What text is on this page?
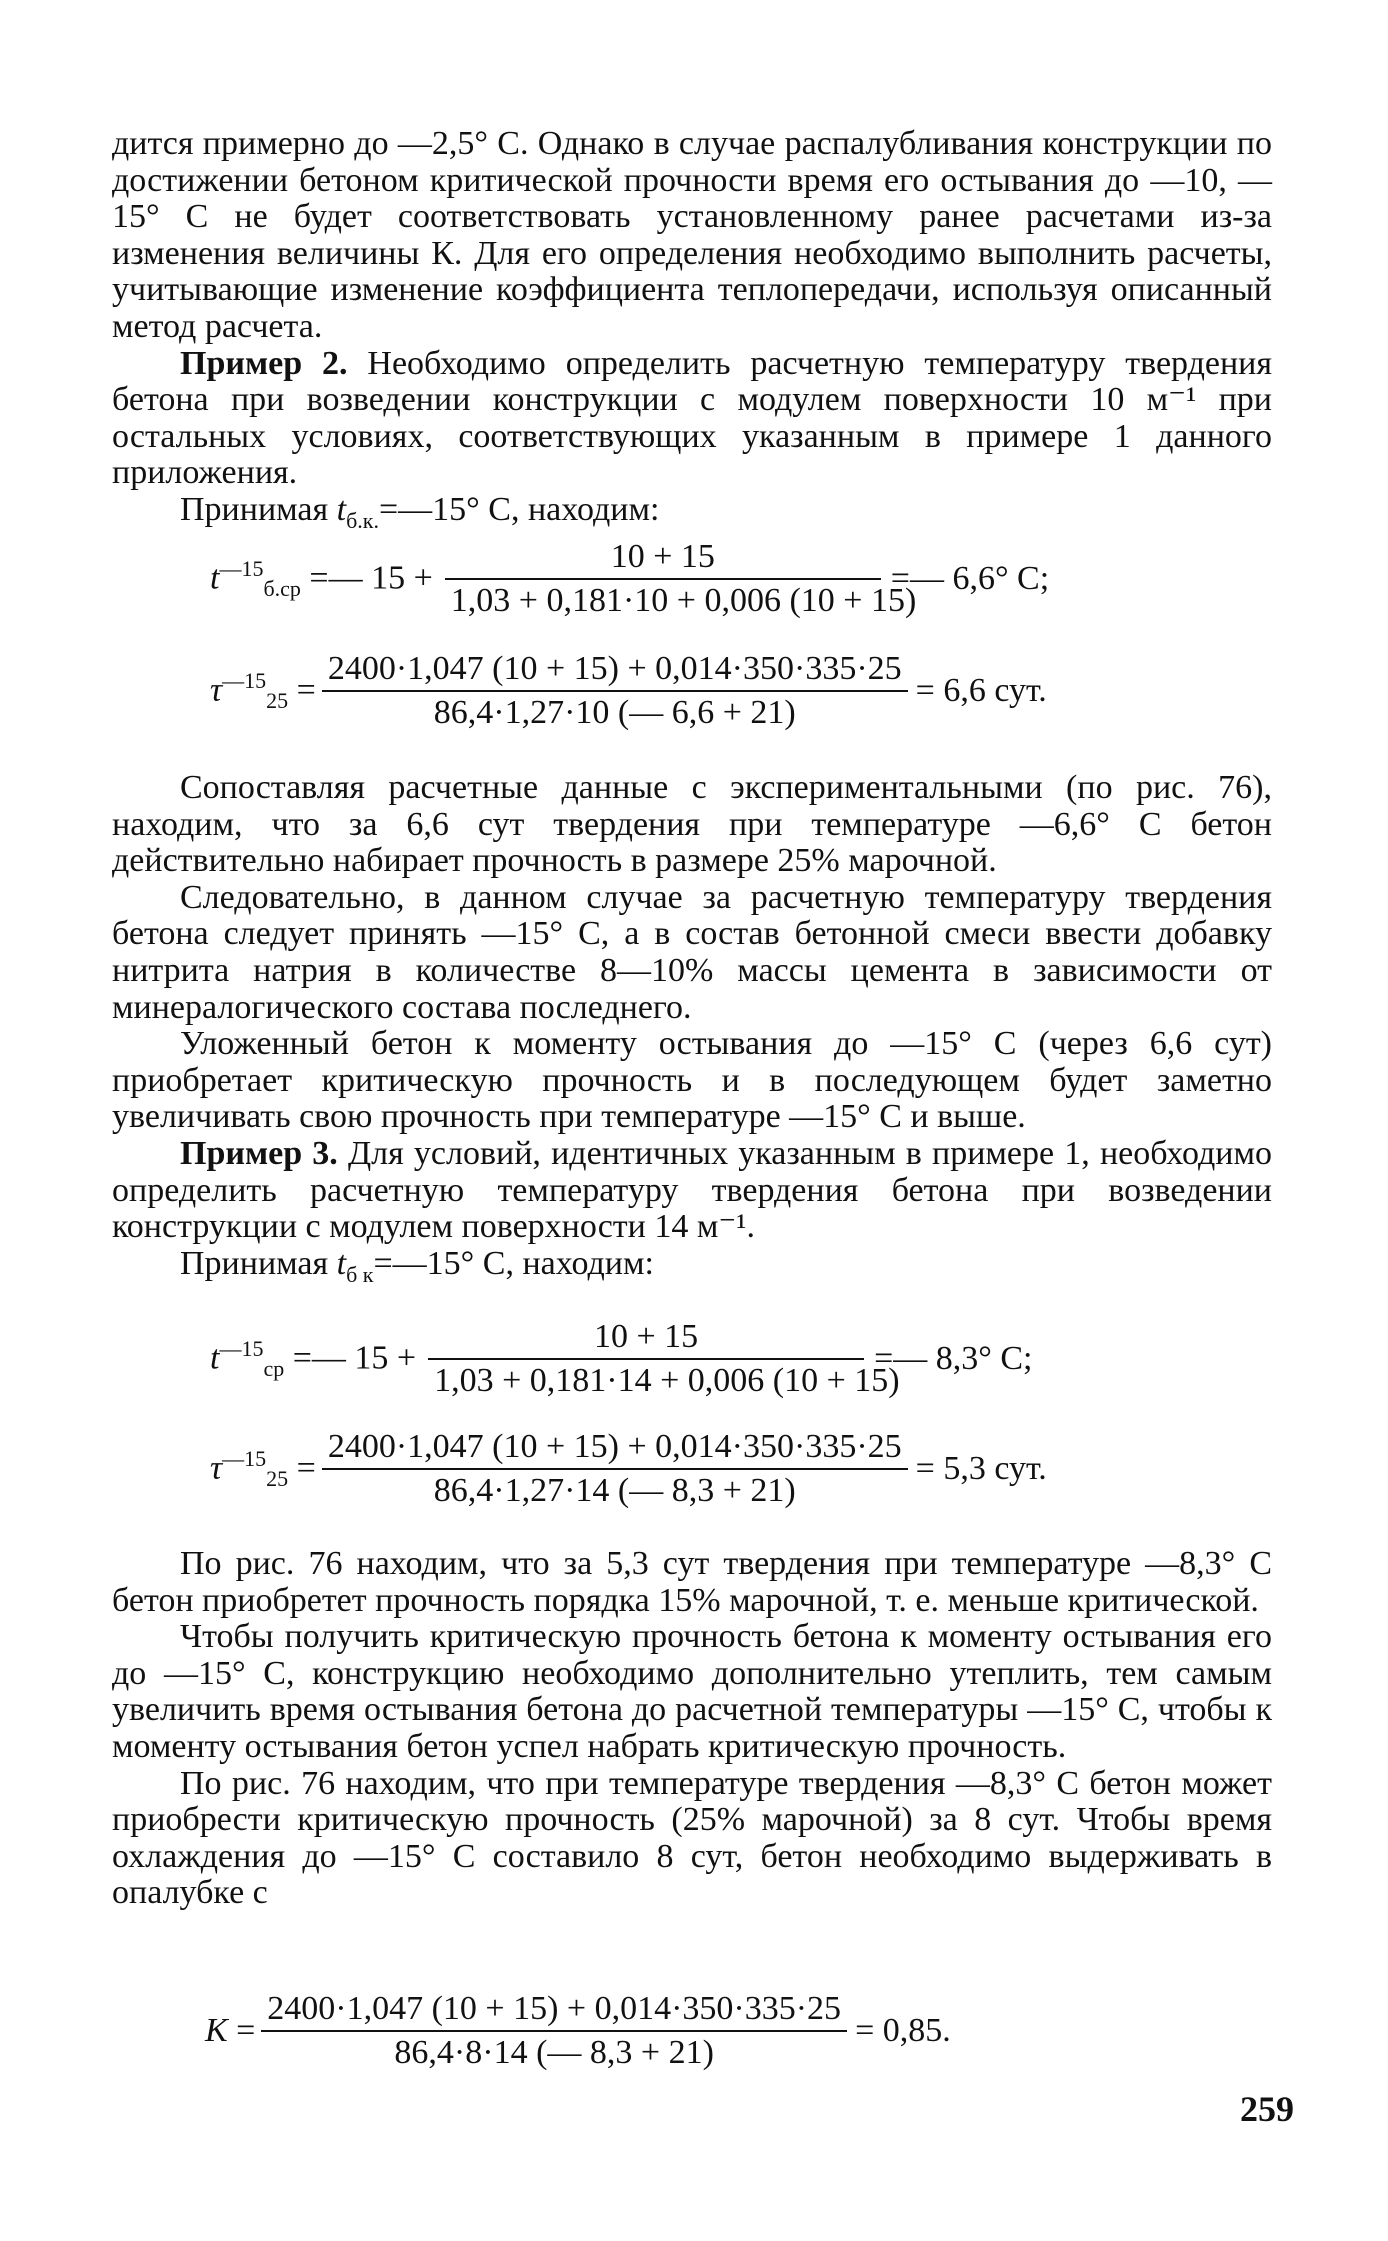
дится примерно до —2,5° С. Однако в случае распалубливания конструкции по достижении бетоном критической прочности время его остывания до —10, —15° С не будет соответствовать установленному ранее расчетами из-за изменения величины К. Для его определения необходимо выполнить расчеты, учитывающие изменение коэффициента теплопередачи, используя описанный метод расчета.

Пример 2. Необходимо определить расчетную температуру твердения бетона при возведении конструкции с модулем поверхности 10 м⁻¹ при остальных условиях, соответствующих указанным в примере 1 данного приложения.

Принимая $t_{б.к.}=—15^\circ$ С, находим:

$t^{—15}_{б.ср}$ =— $15 + \frac{10 + 15}{1,03 + 0,181\cdot 10 + 0,006 (10 + 15)}$ =— 6,6° С;
$\tau^{—15}_{25} = \frac{2400\cdot 1,047 (10 + 15) + 0,014\cdot 350\cdot 335\cdot 25}{86,4\cdot 1,27\cdot 10 (— 6,6 + 21)} = 6,6$ сут.

Сопоставляя расчетные данные с экспериментальными (по рис. 76), находим, что за 6,6 сут твердения при температуре —6,6° С бетон действительно набирает прочность в размере 25% марочной.

Следовательно, в данном случае за расчетную температуру твердения бетона следует принять —15° С, а в состав бетонной смеси ввести добавку нитрита натрия в количестве 8—10% массы цемента в зависимости от минералогического состава последнего.

Уложенный бетон к моменту остывания до —15° С (через 6,6 сут) приобретает критическую прочность и в последующем будет заметно увеличивать свою прочность при температуре —15° С и выше.

Пример 3. Для условий, идентичных указанным в примере 1, необходимо определить расчетную температуру твердения бетона при возведении конструкции с модулем поверхности 14 м⁻¹.

Принимая $t_{б к}=—15^\circ$ С, находим:

$t^{—15}_{ср}$ =— $15 + \frac{10 + 15}{1,03 + 0,181\cdot 14 + 0,006 (10 + 15)}$ =— 8,3° С;
$\tau^{—15}_{25} = \frac{2400\cdot 1,047 (10 + 15) + 0,014\cdot 350\cdot 335\cdot 25}{86,4\cdot 1,27\cdot 14 (— 8,3 + 21)} = 5,3$ сут.

По рис. 76 находим, что за 5,3 сут твердения при температуре —8,3° С бетон приобретет прочность порядка 15% марочной, т. е. меньше критической.

Чтобы получить критическую прочность бетона к моменту остывания его до —15° С, конструкцию необходимо дополнительно утеплить, тем самым увеличить время остывания бетона до расчетной температуры —15° С, чтобы к моменту остывания бетон успел набрать критическую прочность.

По рис. 76 находим, что при температуре твердения —8,3° С бетон может приобрести критическую прочность (25% марочной) за 8 сут. Чтобы время охлаждения до —15° С составило 8 сут, бетон необходимо выдерживать в опалубке с

$К = \frac{2400\cdot 1,047 (10 + 15) + 0,014\cdot 350\cdot 335\cdot 25}{86,4\cdot 8\cdot 14 (— 8,3 + 21)} = 0,85$.
259
